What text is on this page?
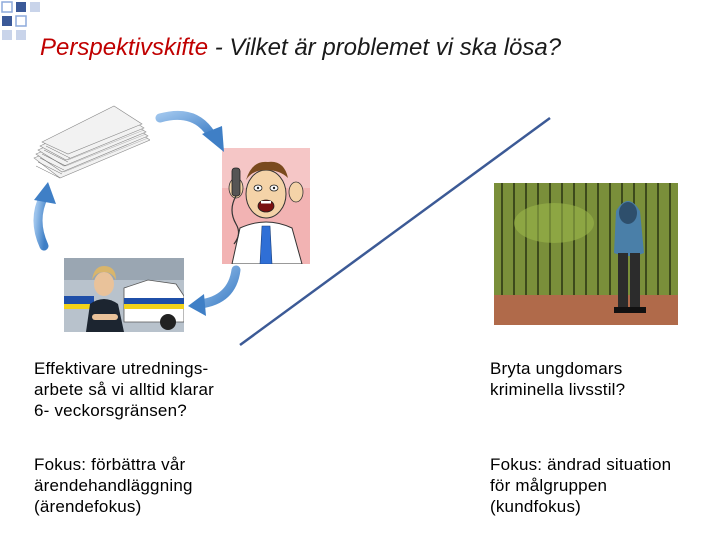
Perspektivskifte - Vilket är problemet vi ska lösa?
Effektivare utrednings-
arbete så vi alltid klarar
6- veckorsgränsen?
Fokus: förbättra vår
ärendehandläggning
(ärendefokus)
Bryta ungdomars
kriminella livsstil?
Fokus: ändrad situation
för målgruppen
(kundfokus)
